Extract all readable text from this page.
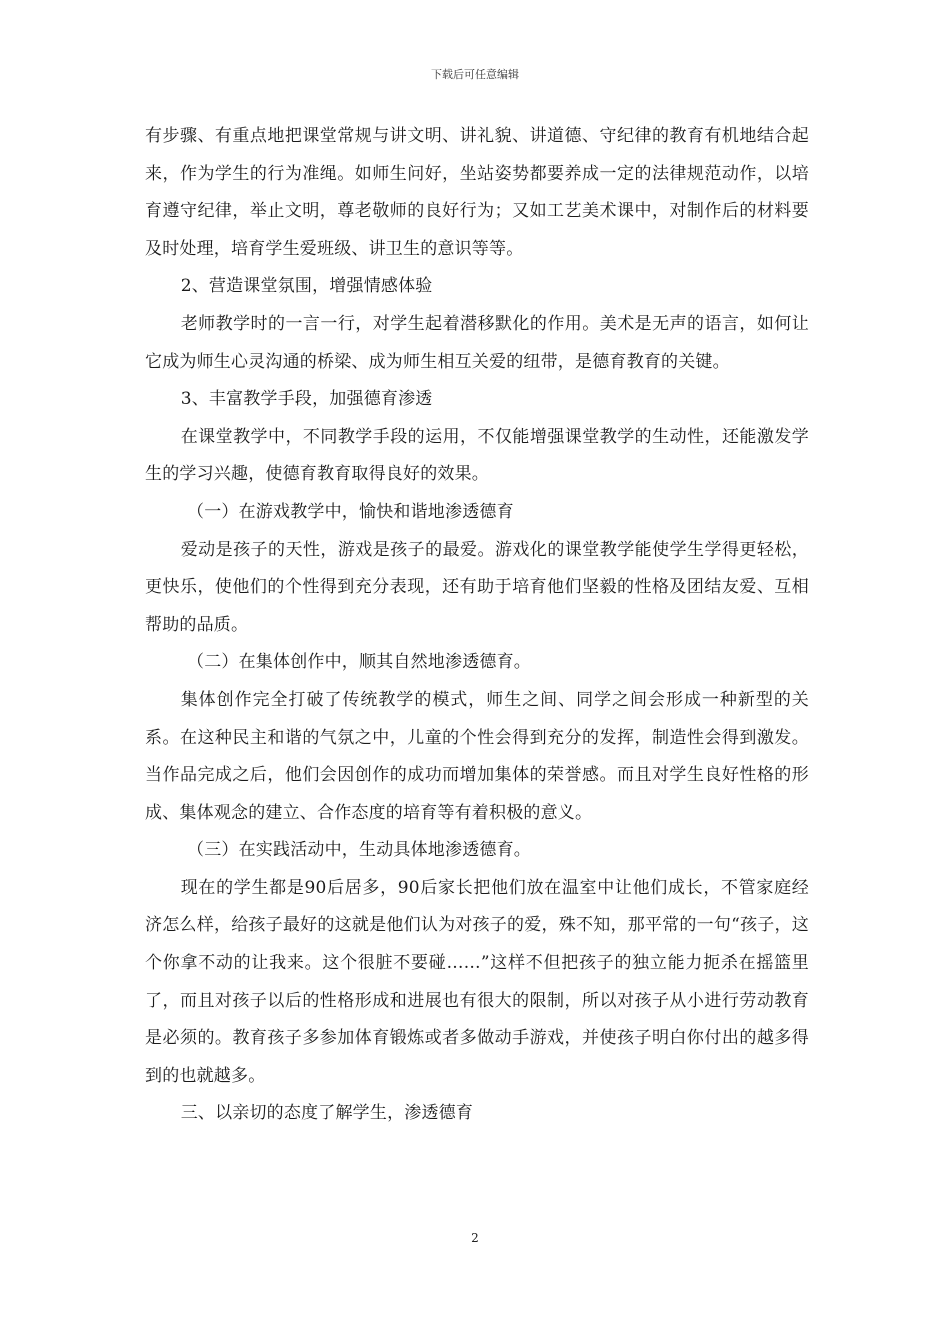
下载后可任意编辑

有步骤、有重点地把课堂常规与讲文明、讲礼貌、讲道德、守纪律的教育有机地结合起来，作为学生的行为准绳。如师生问好，坐站姿势都要养成一定的法律规范动作，以培育遵守纪律，举止文明，尊老敬师的良好行为；又如工艺美术课中，对制作后的材料要及时处理，培育学生爱班级、讲卫生的意识等等。

2、营造课堂氛围，增强情感体验

老师教学时的一言一行，对学生起着潜移默化的作用。美术是无声的语言，如何让它成为师生心灵沟通的桥梁、成为师生相互关爱的纽带，是德育教育的关键。

3、丰富教学手段，加强德育渗透

在课堂教学中，不同教学手段的运用，不仅能增强课堂教学的生动性，还能激发学生的学习兴趣，使德育教育取得良好的效果。

（一）在游戏教学中，愉快和谐地渗透德育

爱动是孩子的天性，游戏是孩子的最爱。游戏化的课堂教学能使学生学得更轻松，更快乐，使他们的个性得到充分表现，还有助于培育他们坚毅的性格及团结友爱、互相帮助的品质。

（二）在集体创作中，顺其自然地渗透德育。

集体创作完全打破了传统教学的模式，师生之间、同学之间会形成一种新型的关系。在这种民主和谐的气氛之中，儿童的个性会得到充分的发挥，制造性会得到激发。当作品完成之后，他们会因创作的成功而增加集体的荣誉感。而且对学生良好性格的形成、集体观念的建立、合作态度的培育等有着积极的意义。

（三）在实践活动中，生动具体地渗透德育。

现在的学生都是90后居多，90后家长把他们放在温室中让他们成长，不管家庭经济怎么样，给孩子最好的这就是他们认为对孩子的爱，殊不知，那平常的一句“孩子，这个你拿不动的让我来。这个很脏不要碰……”这样不但把孩子的独立能力扼杀在摇篮里了，而且对孩子以后的性格形成和进展也有很大的限制，所以对孩子从小进行劳动教育是必须的。教育孩子多参加体育锻炼或者多做动手游戏，并使孩子明白你付出的越多得到的也就越多。

三、以亲切的态度了解学生，渗透德育

2
